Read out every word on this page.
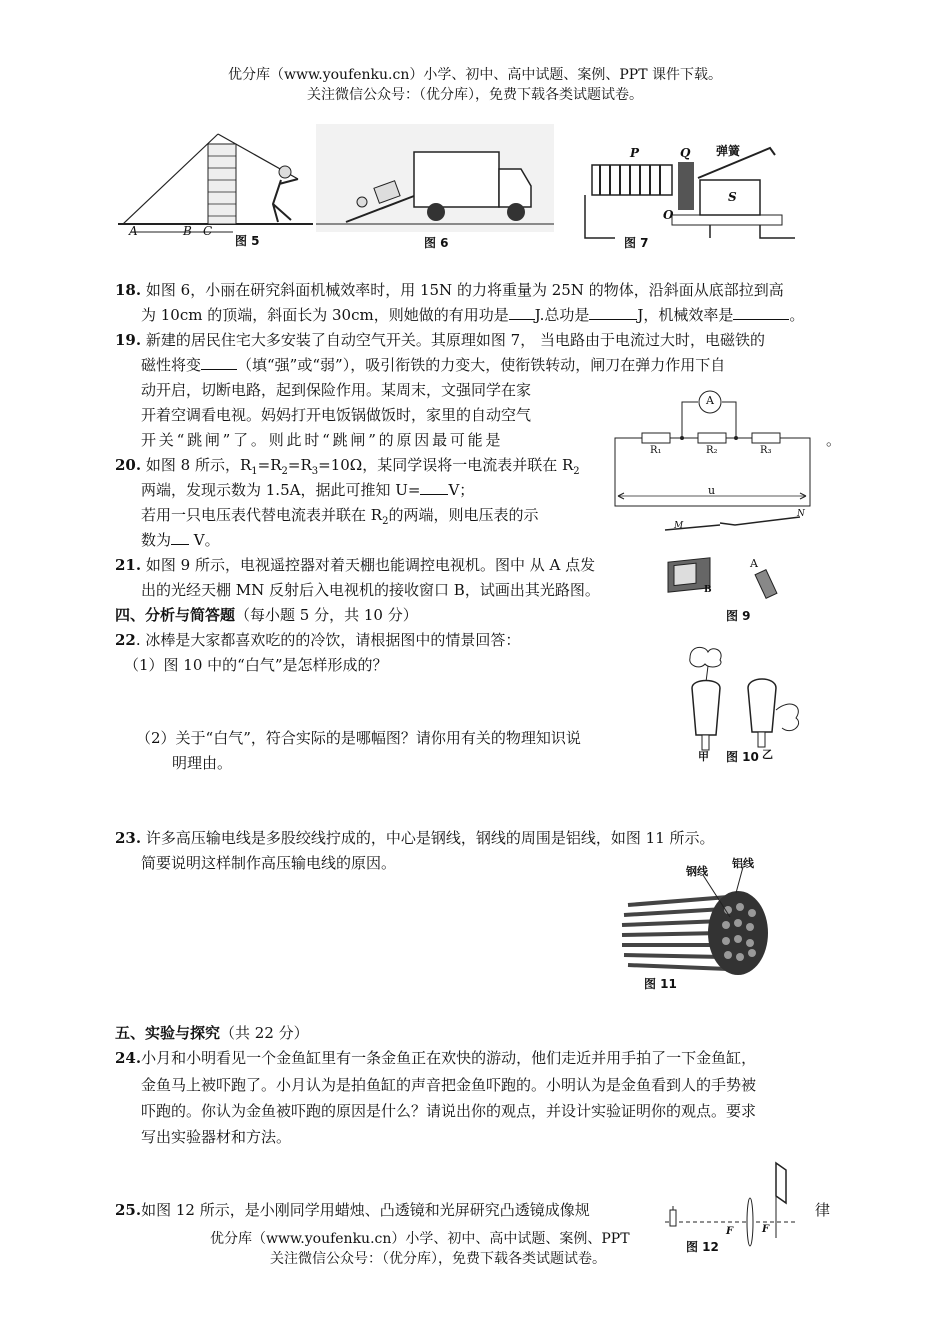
优分库（www.youfenku.cn）小学、初中、高中试题、案例、PPT 课件下载。
关注微信公众号：（优分库），免费下载各类试题试卷。
A	B C
图 5	图 6
P	Q 弹簧
O
S
图 7
18. 如图 6，小丽在研究斜面机械效率时，用 15N 的力将重量为 25N 的物体，沿斜面从底部拉到高
为 10cm 的顶端，斜面长为 30cm，则她做的有用功是 J.总功是	J，机械效率是	。
19. 新建的居民住宅大多安装了自动空气开关。其原理如图 7， 当电路由于电流过大时，电磁铁的
磁性将变 （填“强”或“弱”），吸引衔铁的力变大，使衔铁转动，闸刀在弹力作用下自
动开启，切断电路，起到保险作用。某周末，文强同学在家
开着空调看电视。妈妈打开电饭锅做饭时，家里的自动空气
开关“跳闸”了。则此时“跳闸”的原因最可能是	。
A
R₁	R₂	R₃
u
20. 如图 8 所示，$R_1=R_2=R_3=10\Omega$，某同学误将一电流表并联在 $R_2$
两端，发现示数为 1.5A，据此可推知 U= V；
若用一只电压表代替电流表并联在 $R_2$的两端，则电压表的示
数为 V。
M
N
A
B
图 9
21. 如图 9 所示，电视遥控器对着天棚也能调控电视机。图中 从 A 点发
出的光经天棚 MN 反射后入电视机的接收窗口 B，试画出其光路图。
四、分析与简答题（每小题 5 分，共 10 分）
22. 冰棒是大家都喜欢吃的的冷饮，请根据图中的情景回答：
（1）图 10 中的“白气”是怎样形成的？
（2）关于“白气”，符合实际的是哪幅图？请你用有关的物理知识说
明理由。	甲	乙
图 10
23. 许多高压输电线是多股绞线拧成的，中心是钢线，钢线的周围是铝线，如图 11 所示。
简要说明这样制作高压输电线的原因。	钢线
铝线
图 11
五、实验与探究（共 22 分）
24.小月和小明看见一个金鱼缸里有一条金鱼正在欢快的游动，他们走近并用手拍了一下金鱼缸，
金鱼马上被吓跑了。小月认为是拍鱼缸的声音把金鱼吓跑的。小明认为是金鱼看到人的手势被
吓跑的。你认为金鱼被吓跑的原因是什么？请说出你的观点，并设计实验证明你的观点。要求
写出实验器材和方法。
25.如图 12 所示，是小刚同学用蜡烛、凸透镜和光屏研究凸透镜成像规	律
F	F
图 12
优分库（www.youfenku.cn）小学、初中、高中试题、案例、PPT
关注微信公众号：（优分库），免费下载各类试题试卷。
